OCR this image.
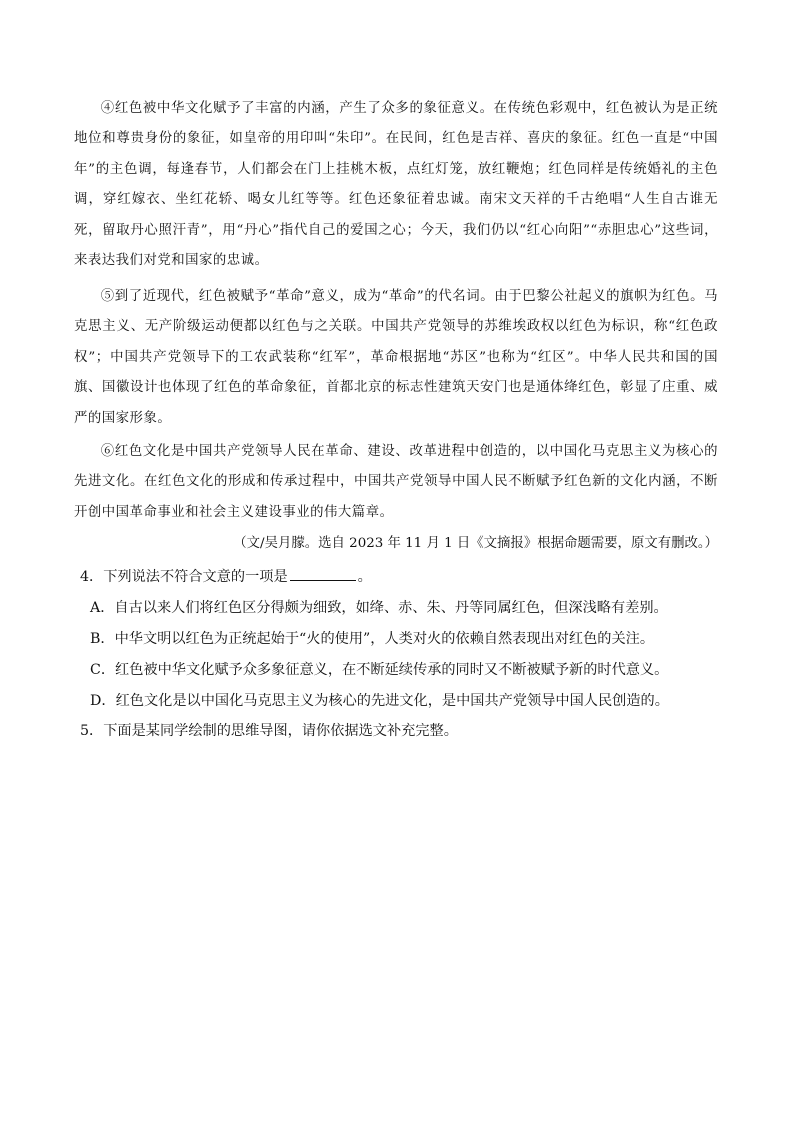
④红色被中华文化赋予了丰富的内涵，产生了众多的象征意义。在传统色彩观中，红色被认为是正统地位和尊贵身份的象征，如皇帝的用印叫“朱印”。在民间，红色是吉祥、喜庆的象征。红色一直是“中国年”的主色调，每逢春节，人们都会在门上挂桃木板，点红灯笼，放红鞭炮；红色同样是传统婚礼的主色调，穿红嫁衣、坐红花轿、喝女儿红等等。红色还象征着忠诚。南宋文天祥的千古绝唱“人生自古谁无死，留取丹心照汗青”，用“丹心”指代自己的爱国之心；今天，我们仍以“红心向阳”“赤胆忠心”这些词，来表达我们对党和国家的忠诚。

⑤到了近现代，红色被赋予“革命”意义，成为“革命”的代名词。由于巴黎公社起义的旗帜为红色。马克思主义、无产阶级运动便都以红色与之关联。中国共产党领导的苏维埃政权以红色为标识，称“红色政权”；中国共产党领导下的工农武装称“红军”，革命根据地“苏区”也称为“红区”。中华人民共和国的国旗、国徽设计也体现了红色的革命象征，首都北京的标志性建筑天安门也是通体绛红色，彰显了庄重、威严的国家形象。

⑥红色文化是中国共产党领导人民在革命、建设、改革进程中创造的，以中国化马克思主义为核心的先进文化。在红色文化的形成和传承过程中，中国共产党领导中国人民不断赋予红色新的文化内涵，不断开创中国革命事业和社会主义建设事业的伟大篇章。

（文/吴月朦。选自 2023 年 11 月 1 日《文摘报》根据命题需要，原文有删改。）

4．下列说法不符合文意的一项是	。

A．自古以来人们将红色区分得颇为细致，如绛、赤、朱、丹等同属红色，但深浅略有差别。

B．中华文明以红色为正统起始于“火的使用”，人类对火的依赖自然表现出对红色的关注。

C．红色被中华文化赋予众多象征意义，在不断延续传承的同时又不断被赋予新的时代意义。

D．红色文化是以中国化马克思主义为核心的先进文化，是中国共产党领导中国人民创造的。

5．下面是某同学绘制的思维导图，请你依据选文补充完整。
